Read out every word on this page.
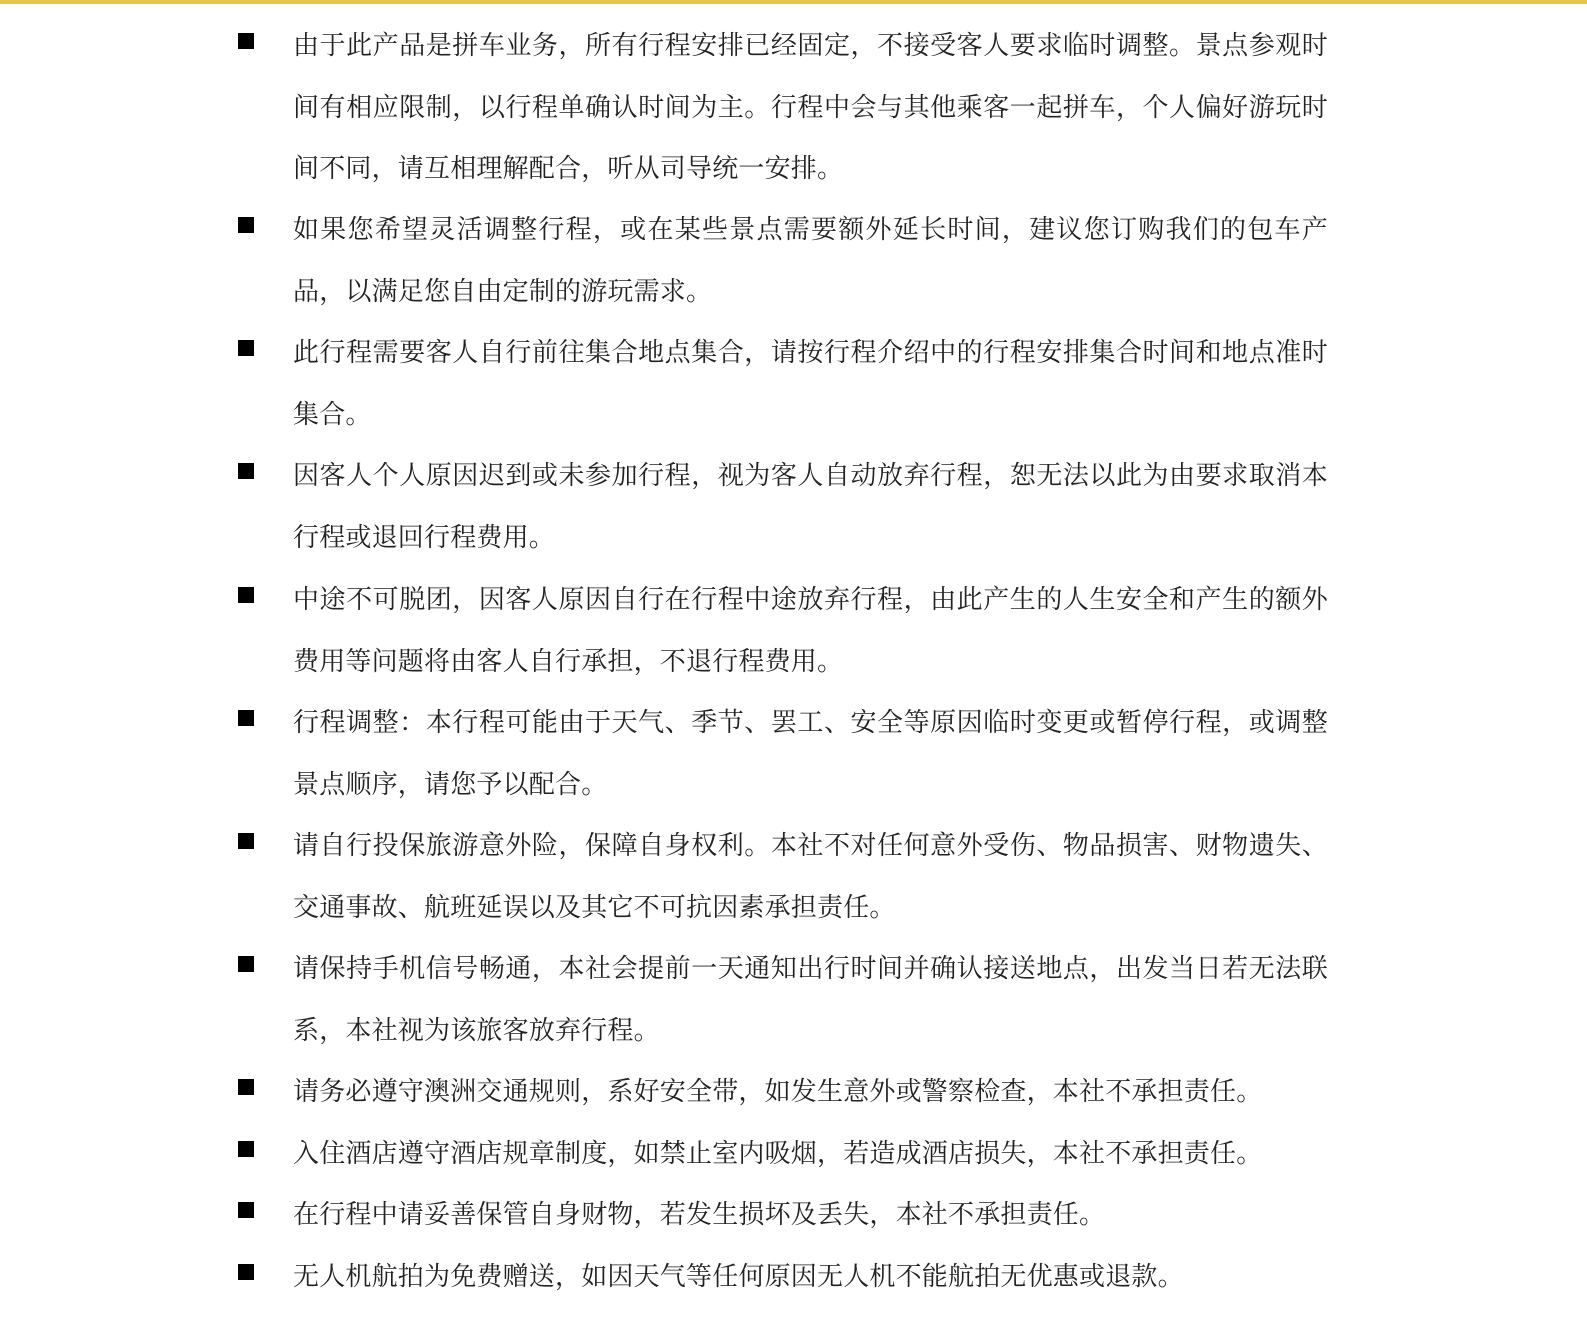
由于此产品是拼车业务，所有行程安排已经固定，不接受客人要求临时调整。景点参观时间有相应限制，以行程单确认时间为主。行程中会与其他乘客一起拼车，个人偏好游玩时间不同，请互相理解配合，听从司导统一安排。

如果您希望灵活调整行程，或在某些景点需要额外延长时间，建议您订购我们的包车产品，以满足您自由定制的游玩需求。

此行程需要客人自行前往集合地点集合，请按行程介绍中的行程安排集合时间和地点准时集合。

因客人个人原因迟到或未参加行程，视为客人自动放弃行程，恕无法以此为由要求取消本行程或退回行程费用。

中途不可脱团，因客人原因自行在行程中途放弃行程，由此产生的人生安全和产生的额外费用等问题将由客人自行承担，不退行程费用。

行程调整：本行程可能由于天气、季节、罢工、安全等原因临时变更或暂停行程，或调整景点顺序，请您予以配合。

请自行投保旅游意外险，保障自身权利。本社不对任何意外受伤、物品损害、财物遗失、交通事故、航班延误以及其它不可抗因素承担责任。

请保持手机信号畅通，本社会提前一天通知出行时间并确认接送地点，出发当日若无法联系，本社视为该旅客放弃行程。

请务必遵守澳洲交通规则，系好安全带，如发生意外或警察检查，本社不承担责任。

入住酒店遵守酒店规章制度，如禁止室内吸烟，若造成酒店损失，本社不承担责任。

在行程中请妥善保管自身财物，若发生损坏及丢失，本社不承担责任。

无人机航拍为免费赠送，如因天气等任何原因无人机不能航拍无优惠或退款。
